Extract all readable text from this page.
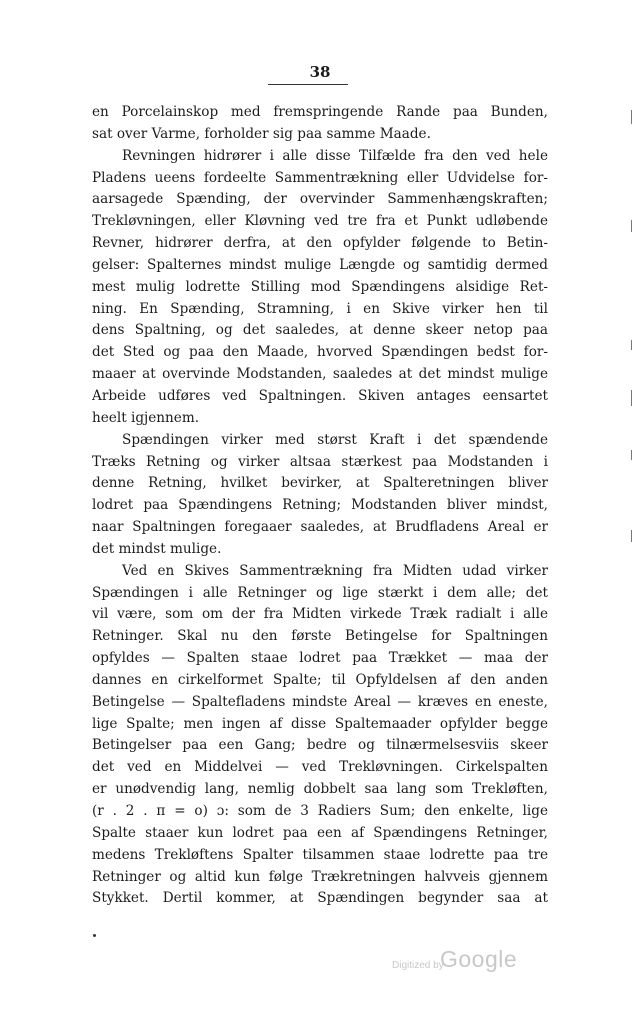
38
en Porcelainskop med fremspringende Rande paa Bunden,
sat over Varme, forholder sig paa samme Maade.
Revningen hidrører i alle disse Tilfælde fra den ved hele
Pladens ueens fordeelte Sammentrækning eller Udvidelse for-
aarsagede Spænding, der overvinder Sammenhængskraften;
Trekløvningen, eller Kløvning ved tre fra et Punkt udløbende
Revner, hidrører derfra, at den opfylder følgende to Betin-
gelser: Spalternes mindst mulige Længde og samtidig dermed
mest mulig lodrette Stilling mod Spændingens alsidige Ret-
ning. En Spænding, Stramning, i en Skive virker hen til
dens Spaltning, og det saaledes, at denne skeer netop paa
det Sted og paa den Maade, hvorved Spændingen bedst for-
maaer at overvinde Modstanden, saaledes at det mindst mulige
Arbeide udføres ved Spaltningen. Skiven antages eensartet
heelt igjennem.
Spændingen virker med størst Kraft i det spændende
Træks Retning og virker altsaa stærkest paa Modstanden i
denne Retning, hvilket bevirker, at Spalteretningen bliver
lodret paa Spændingens Retning; Modstanden bliver mindst,
naar Spaltningen foregaaer saaledes, at Brudfladens Areal er
det mindst mulige.
Ved en Skives Sammentrækning fra Midten udad virker
Spændingen i alle Retninger og lige stærkt i dem alle; det
vil være, som om der fra Midten virkede Træk radialt i alle
Retninger. Skal nu den første Betingelse for Spaltningen
opfyldes — Spalten staae lodret paa Trækket — maa der
dannes en cirkelformet Spalte; til Opfyldelsen af den anden
Betingelse — Spaltefladens mindste Areal — kræves en eneste,
lige Spalte; men ingen af disse Spaltemaader opfylder begge
Betingelser paa een Gang; bedre og tilnærmelsesviis skeer
det ved en Middelvei — ved Trekløvningen. Cirkelspalten
er unødvendig lang, nemlig dobbelt saa lang som Trekløften,
(r . 2 . π = o) ɔ: som de 3 Radiers Sum; den enkelte, lige
Spalte staaer kun lodret paa een af Spændingens Retninger,
medens Trekløftens Spalter tilsammen staae lodrette paa tre
Retninger og altid kun følge Trækretningen halvveis gjennem
Stykket. Dertil kommer, at Spændingen begynder saa at
Digitized by
Google
